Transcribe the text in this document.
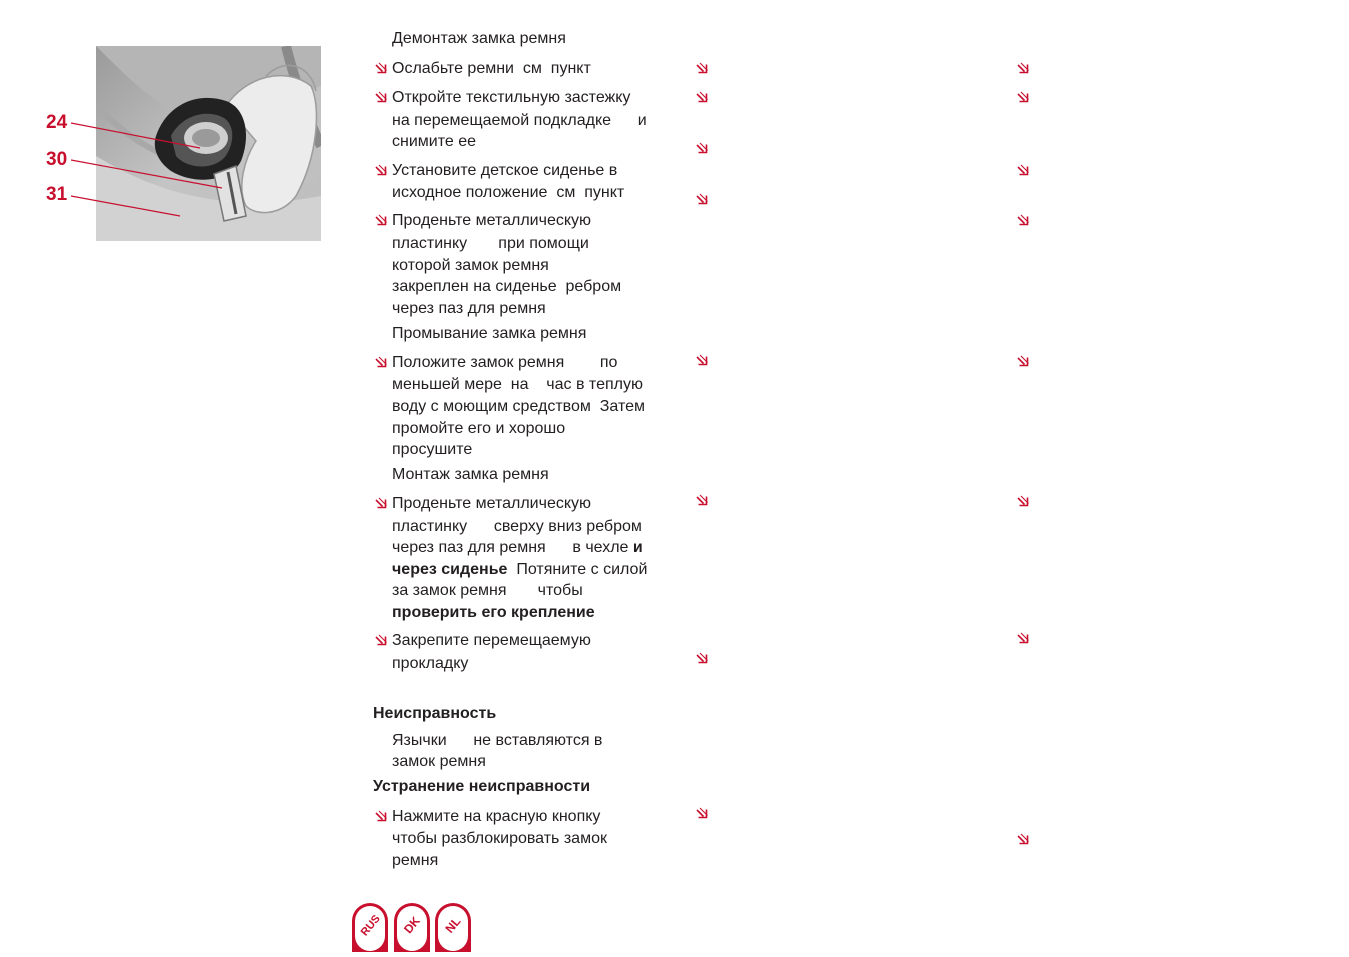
24
30
31
Демонтаж замка ремня
Ослабьте ремни  см  пункт
Откройте текстильную застежку
на перемещаемой подкладке      и
снимите ее
Установите детское сиденье в
исходное положение  см  пункт
Проденьте металлическую
пластинку       при помощи
которой замок ремня
закреплен на сиденье  ребром
через паз для ремня
Промывание замка ремня
Положите замок ремня        по
меньшей мере  на    час в теплую
воду с моющим средством  Затем
промойте его и хорошо
просушите
Монтаж замка ремня
Проденьте металлическую
пластинку      сверху вниз ребром
через паз для ремня      в чехле и
через сиденье  Потяните с силой
за замок ремня       чтобы
проверить его крепление
Закрепите перемещаемую
прокладку
Неисправность
Язычки      не вставляются в
замок ремня
Устранение неисправности
Нажмите на красную кнопку
чтобы разблокировать замок
ремня
RUS DK NL
